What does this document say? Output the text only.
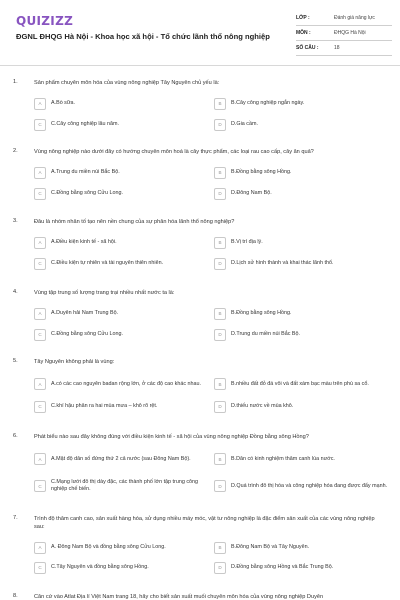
QUIZIZZ
ĐGNL ĐHQG Hà Nội - Khoa học xã hội - Tổ chức lãnh thổ nông nghiệp
LỚP :	Đánh giá năng lực
MÔN :	ĐHQG Hà Nội
SỐ CÂU :	18
1.	Sản phẩm chuyên môn hóa của vùng nông nghiệp Tây Nguyên chủ yếu là:
A	A.Bò sữa.	B	B.Cây công nghiệp ngắn ngày.
C	C.Cây công nghiệp lâu năm.	D	D.Gia cầm.
2.	Vùng nông nghiệp nào dưới đây có hướng chuyên môn hoá là cây thực phẩm, các loại rau cao cấp, cây ăn quả?
A	A.Trung du miền núi Bắc Bộ.	B	B.Đồng bằng sông Hồng.
C	C.Đồng bằng sông Cửu Long.	D	D.Đông Nam Bộ.
3.	Đâu là nhóm nhân tố tạo nên nền chung của sự phân hóa lãnh thổ nông nghiệp?
A	A.Điều kiện kinh tế - xã hội.	B	B.Vị trí địa lý.
C	C.Điều kiện tự nhiên và tài nguyên thiên nhiên.	D	D.Lịch sử hình thành và khai thác lãnh thổ.
4.	Vùng tập trung số lượng trang trại nhiều nhất nước ta là:
A	A.Duyên hải Nam Trung Bộ.	B	B.Đồng bằng sông Hồng.
C	C.Đồng bằng sông Cửu Long.	D	D.Trung du miền núi Bắc Bộ.
5.	Tây Nguyên không phải là vùng:
A	A.có các cao nguyên badan rộng lớn, ở các độ cao khác nhau.	B	B.nhiều đất đỏ đá vôi và đất xám bạc màu trên phù sa cổ.
C	C.khí hậu phân ra hai mùa mưa – khô rõ rệt.	D	D.thiếu nước về mùa khô.
6.	Phát biểu nào sau đây không đúng với điều kiện kinh tế - xã hội của vùng nông nghiệp Đồng bằng sông Hồng?
A	A.Mật độ dân số đứng thứ 2 cả nước (sau Đông Nam Bộ).	B	B.Dân có kinh nghiệm thâm canh lúa nước.
C
C.Mạng lưới đô thị dày đặc, các thành phố lớn tập trung công nghiệp chế biến.	D	D.Quá trình đô thị hóa và công nghiệp hóa đang được đẩy mạnh.
7.	Trình độ thâm canh cao, sản xuất hàng hóa, sử dụng nhiều máy móc, vật tư nông nghiệp là đặc điểm sản xuất của các vùng nông nghiệp sau:
A	A. Đông Nam Bộ và đồng bằng sông Cửu Long.	B	B.Đông Nam Bộ và Tây Nguyên.
C	C.Tây Nguyên và đồng bằng sông Hồng.	D	D.Đồng bằng sông Hồng và Bắc Trung Bộ.
8.	Căn cứ vào Atlat Địa lí Việt Nam trang 18, hãy cho biết sản xuất muối chuyên môn hóa của vùng nông nghiệp Duyên
